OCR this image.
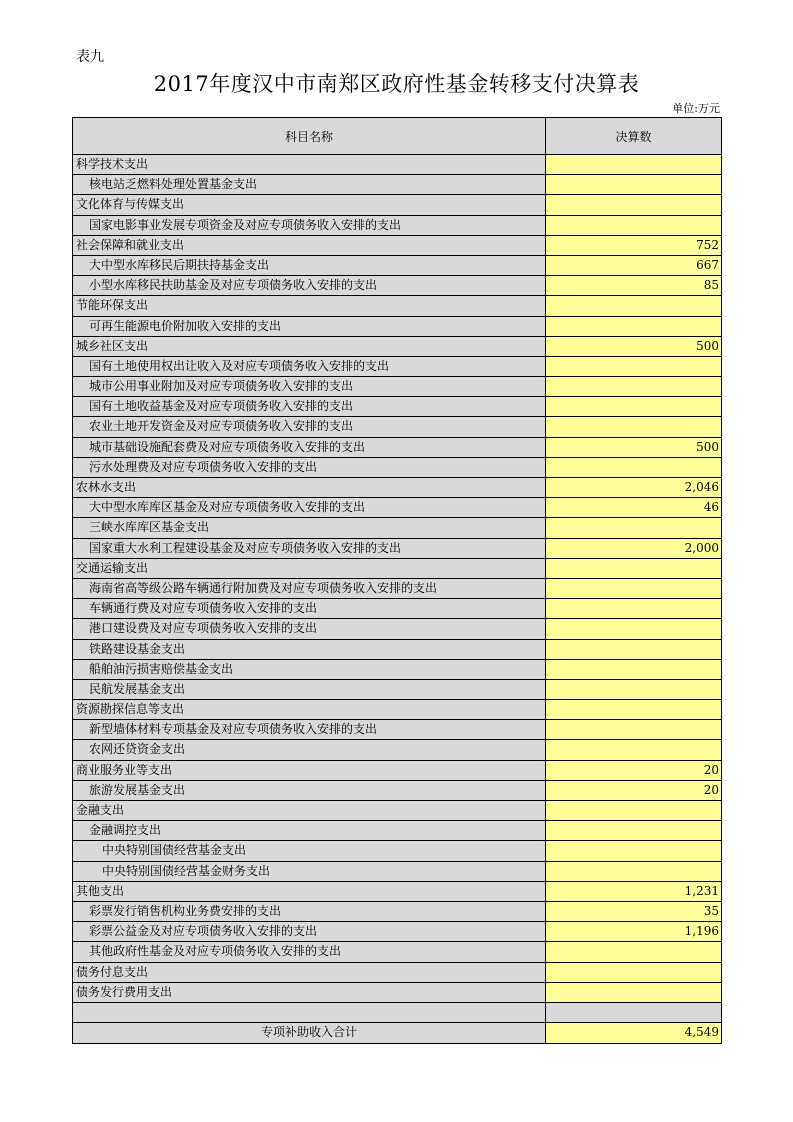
表九
2017年度汉中市南郑区政府性基金转移支付决算表
单位:万元
科目名称	决算数
科学技术支出
核电站乏燃料处理处置基金支出
文化体育与传媒支出
国家电影事业发展专项资金及对应专项债务收入安排的支出
社会保障和就业支出	752
大中型水库移民后期扶持基金支出	667
小型水库移民扶助基金及对应专项债务收入安排的支出	85
节能环保支出
可再生能源电价附加收入安排的支出
城乡社区支出	500
国有土地使用权出让收入及对应专项债务收入安排的支出
城市公用事业附加及对应专项债务收入安排的支出
国有土地收益基金及对应专项债务收入安排的支出
农业土地开发资金及对应专项债务收入安排的支出
城市基础设施配套费及对应专项债务收入安排的支出	500
污水处理费及对应专项债务收入安排的支出
农林水支出	2,046
大中型水库库区基金及对应专项债务收入安排的支出	46
三峡水库库区基金支出
国家重大水利工程建设基金及对应专项债务收入安排的支出	2,000
交通运输支出
海南省高等级公路车辆通行附加费及对应专项债务收入安排的支出
车辆通行费及对应专项债务收入安排的支出
港口建设费及对应专项债务收入安排的支出
铁路建设基金支出
船舶油污损害赔偿基金支出
民航发展基金支出
资源勘探信息等支出
新型墙体材料专项基金及对应专项债务收入安排的支出
农网还贷资金支出
商业服务业等支出	20
旅游发展基金支出	20
金融支出
金融调控支出
中央特别国债经营基金支出
中央特别国债经营基金财务支出
其他支出	1,231
彩票发行销售机构业务费安排的支出	35
彩票公益金及对应专项债务收入安排的支出	1,196
其他政府性基金及对应专项债务收入安排的支出
债务付息支出
债务发行费用支出
专项补助收入合计	4,549
